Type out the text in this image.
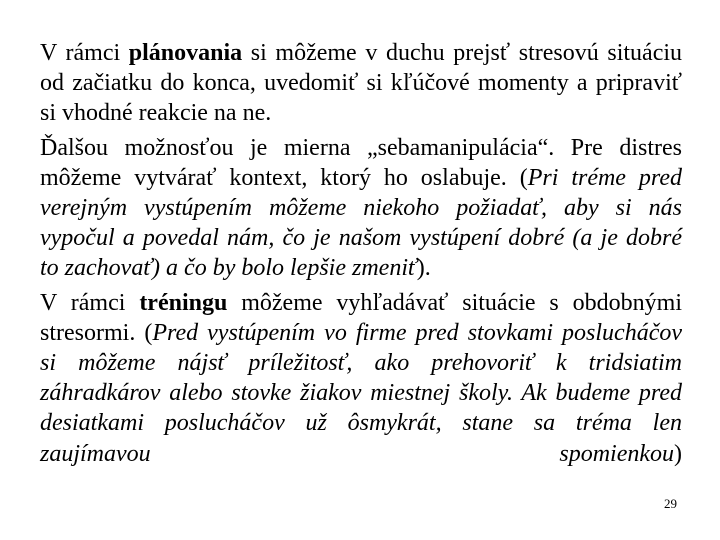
V rámci plánovania si môžeme v duchu prejsť stresovú situáciu od začiatku do konca, uvedomiť si kľúčové momenty a pripraviť si vhodné reakcie na ne.

Ďalšou možnosťou je mierna „sebamanipulácia“. Pre distres môžeme vytvárať kontext, ktorý ho oslabuje. (Pri tréme pred verejným vystúpením môžeme niekoho požiadať, aby si nás vypočul a povedal nám, čo je našom vystúpení dobré (a je dobré to zachovať) a čo by bolo lepšie zmeniť).

V rámci tréningu môžeme vyhľadávať situácie s obdobnými stresormi. (Pred vystúpením vo firme pred stovkami poslucháčov si môžeme nájsť príležitosť, ako prehovoriť k tridsiatim záhradkárov alebo stovke žiakov miestnej školy. Ak budeme pred desiatkami poslucháčov už ôsmykrát, stane sa tréma len zaujímavou spomienkou)

29
